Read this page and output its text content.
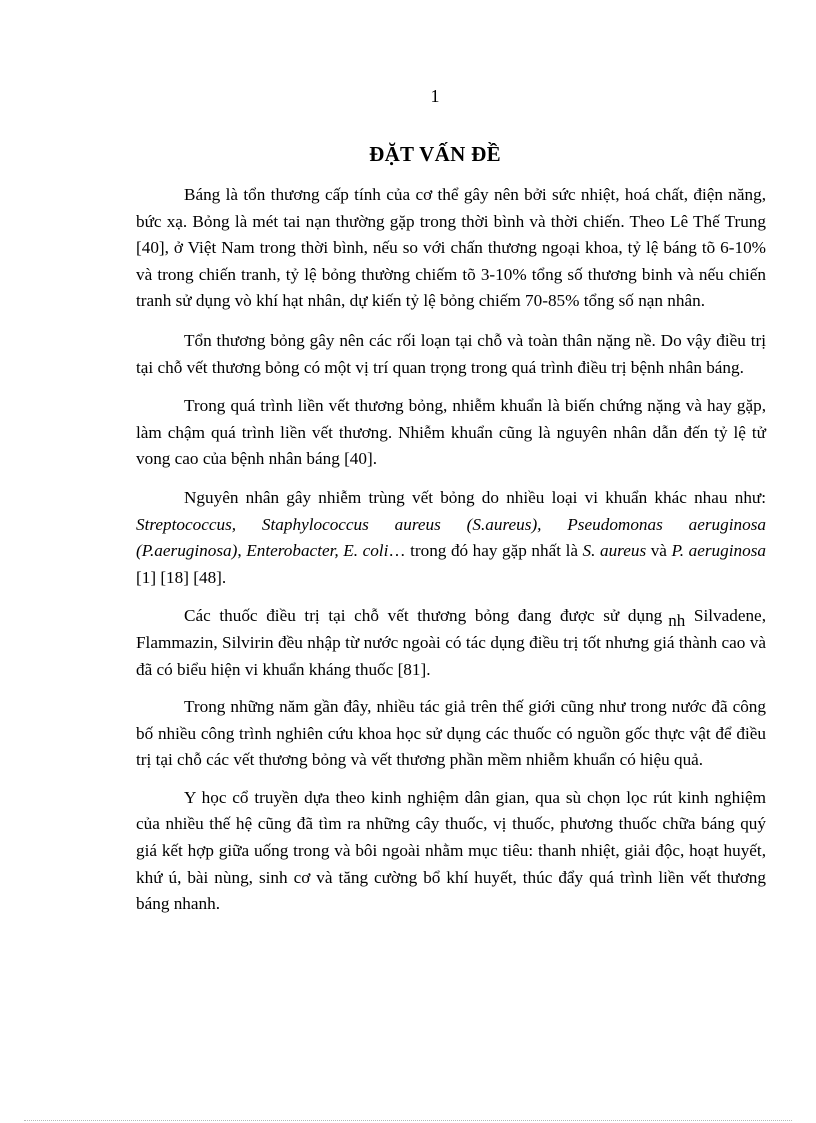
1
ĐẶT VẤN ĐỀ

Báng là tổn thương cấp tính của cơ thể gây nên bởi sức nhiệt, hoá chất, điện năng, bức xạ. Bỏng là mét tai nạn thường gặp trong thời bình và thời chiến. Theo Lê Thế Trung [40], ở Việt Nam trong thời bình, nếu so với chấn thương ngoại khoa, tỷ lệ báng tõ 6-10% và trong chiến tranh, tỷ lệ bỏng thường chiếm tõ 3-10% tổng số thương binh và nếu chiến tranh sử dụng vò khí hạt nhân, dự kiến tỷ lệ bỏng chiếm 70-85% tổng số nạn nhân.

Tổn thương bỏng gây nên các rối loạn tại chỗ và toàn thân nặng nề. Do vậy điều trị tại chỗ vết thương bỏng có một vị trí quan trọng trong quá trình điều trị bệnh nhân báng.

Trong quá trình liền vết thương bỏng, nhiễm khuẩn là biến chứng nặng và hay gặp, làm chậm quá trình liền vết thương. Nhiễm khuẩn cũng là nguyên nhân dẫn đến tỷ lệ tử vong cao của bệnh nhân báng [40].

Nguyên nhân gây nhiễm trùng vết bỏng do nhiều loại vi khuẩn khác nhau như: Streptococcus, Staphylococcus aureus (S.aureus), Pseudomonas aeruginosa (P.aeruginosa), Enterobacter, E. coli… trong đó hay gặp nhất là S. aureus và P. aeruginosa [1] [18] [48].

Các thuốc điều trị tại chỗ vết thương bỏng đang được sử dụng nh Silvadene, Flammazin, Silvirin đều nhập từ nước ngoài có tác dụng điều trị tốt nhưng giá thành cao và đã có biểu hiện vi khuẩn kháng thuốc [81].

Trong những năm gần đây, nhiều tác giả trên thế giới cũng như trong nước đã công bố nhiều công trình nghiên cứu khoa học sử dụng các thuốc có nguồn gốc thực vật để điều trị tại chỗ các vết thương bỏng và vết thương phần mềm nhiễm khuẩn có hiệu quả.

Y học cổ truyền dựa theo kinh nghiệm dân gian, qua sù chọn lọc rút kinh nghiệm của nhiều thế hệ cũng đã tìm ra những cây thuốc, vị thuốc, phương thuốc chữa báng quý giá kết hợp giữa uống trong và bôi ngoài nhằm mục tiêu: thanh nhiệt, giải độc, hoạt huyết, khứ ú, bài nùng, sinh cơ và tăng cường bổ khí huyết, thúc đẩy quá trình liền vết thương báng nhanh.
